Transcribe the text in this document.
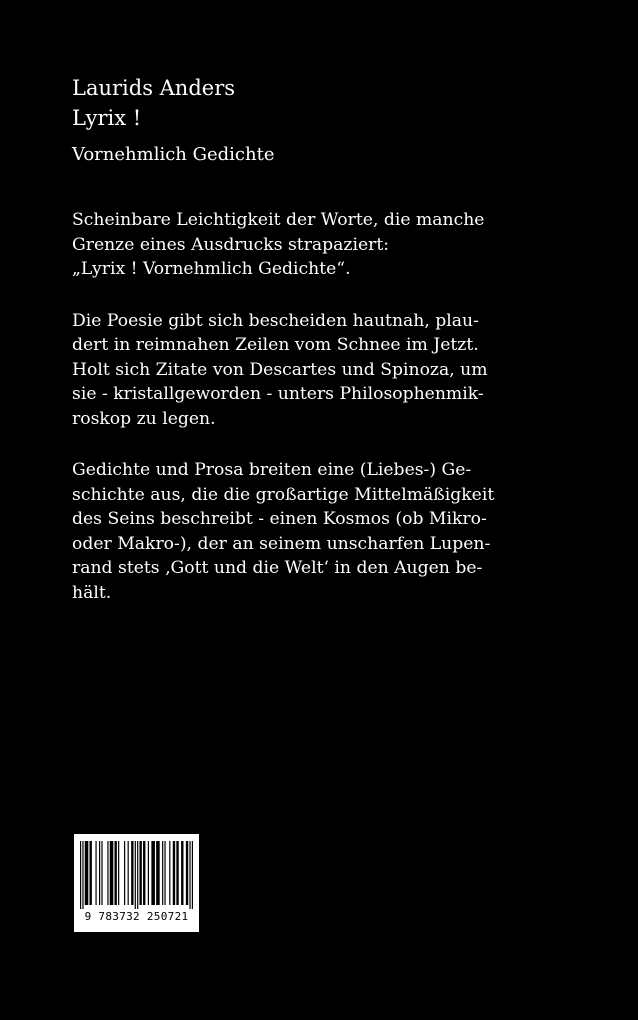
Laurids Anders
Lyrix !
Vornehmlich Gedichte

Scheinbare Leichtigkeit der Worte, die manche
Grenze eines Ausdrucks strapaziert:
„Lyrix ! Vornehmlich Gedichte“.

Die Poesie gibt sich bescheiden hautnah, plau-
dert in reimnahen Zeilen vom Schnee im Jetzt.
Holt sich Zitate von Descartes und Spinoza, um
sie - kristallgeworden - unters Philosophenmik-
roskop zu legen.

Gedichte und Prosa breiten eine (Liebes-) Ge-
schichte aus, die die großartige Mittelmäßigkeit
des Seins beschreibt - einen Kosmos (ob Mikro-
oder Makro-), der an seinem unscharfen Lupen-
rand stets ‚Gott und die Welt‘ in den Augen be-
hält.

9 783732 250721
